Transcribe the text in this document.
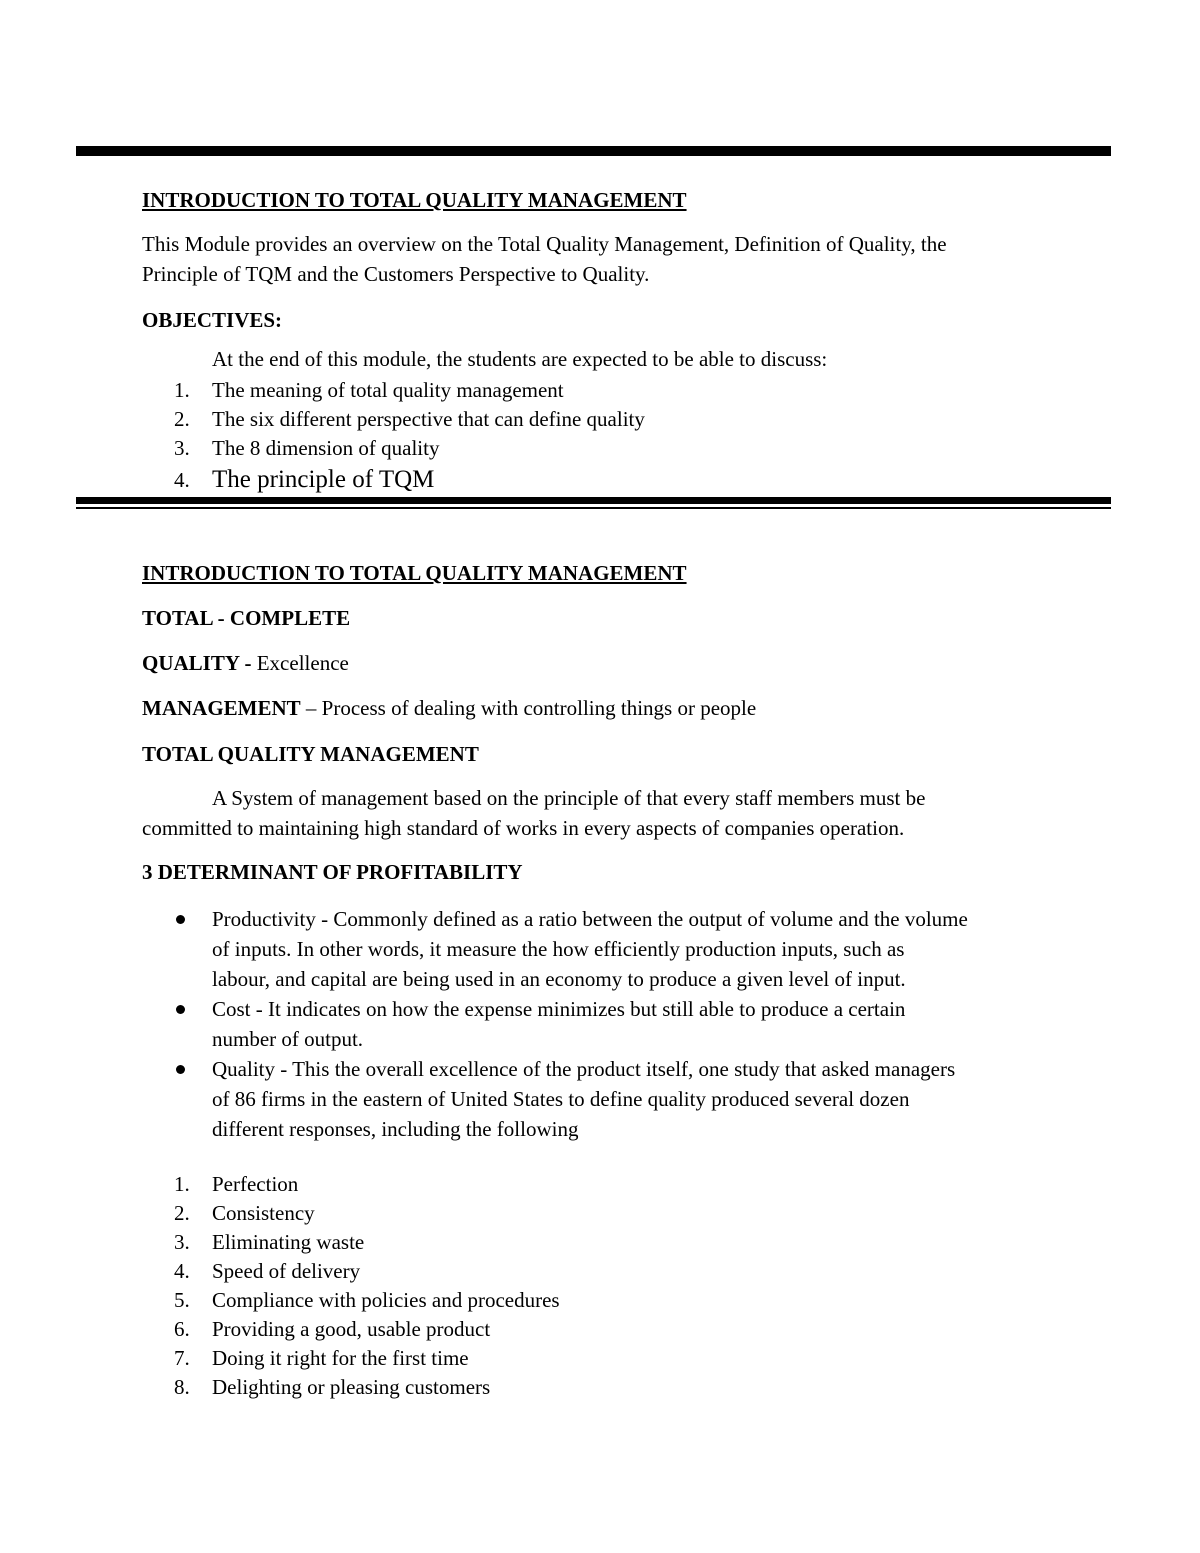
INTRODUCTION TO TOTAL QUALITY MANAGEMENT
This Module provides an overview on the Total Quality Management, Definition of Quality, the
Principle of TQM and the Customers Perspective to Quality.
OBJECTIVES:
At the end of this module, the students are expected to be able to discuss:
1.	The meaning of total quality management
2.	The six different perspective that can define quality
3.	The 8 dimension of quality
4. The principle of TQM
INTRODUCTION TO TOTAL QUALITY MANAGEMENT
TOTAL - COMPLETE
QUALITY - Excellence
MANAGEMENT – Process of dealing with controlling things or people
TOTAL QUALITY MANAGEMENT
A System of management based on the principle of that every staff members must be
committed to maintaining high standard of works in every aspects of companies operation.
3 DETERMINANT OF PROFITABILITY
Productivity - Commonly defined as a ratio between the output of volume and the volume
of inputs. In other words, it measure the how efficiently production inputs, such as
labour, and capital are being used in an economy to produce a given level of input.
Cost - It indicates on how the expense minimizes but still able to produce a certain
number of output.
Quality - This the overall excellence of the product itself, one study that asked managers
of 86 firms in the eastern of United States to define quality produced several dozen
different responses, including the following
1.	Perfection
2.	Consistency
3.	Eliminating waste
4.	Speed of delivery
5.	Compliance with policies and procedures
6.	Providing a good, usable product
7.	Doing it right for the first time
8.	Delighting or pleasing customers
